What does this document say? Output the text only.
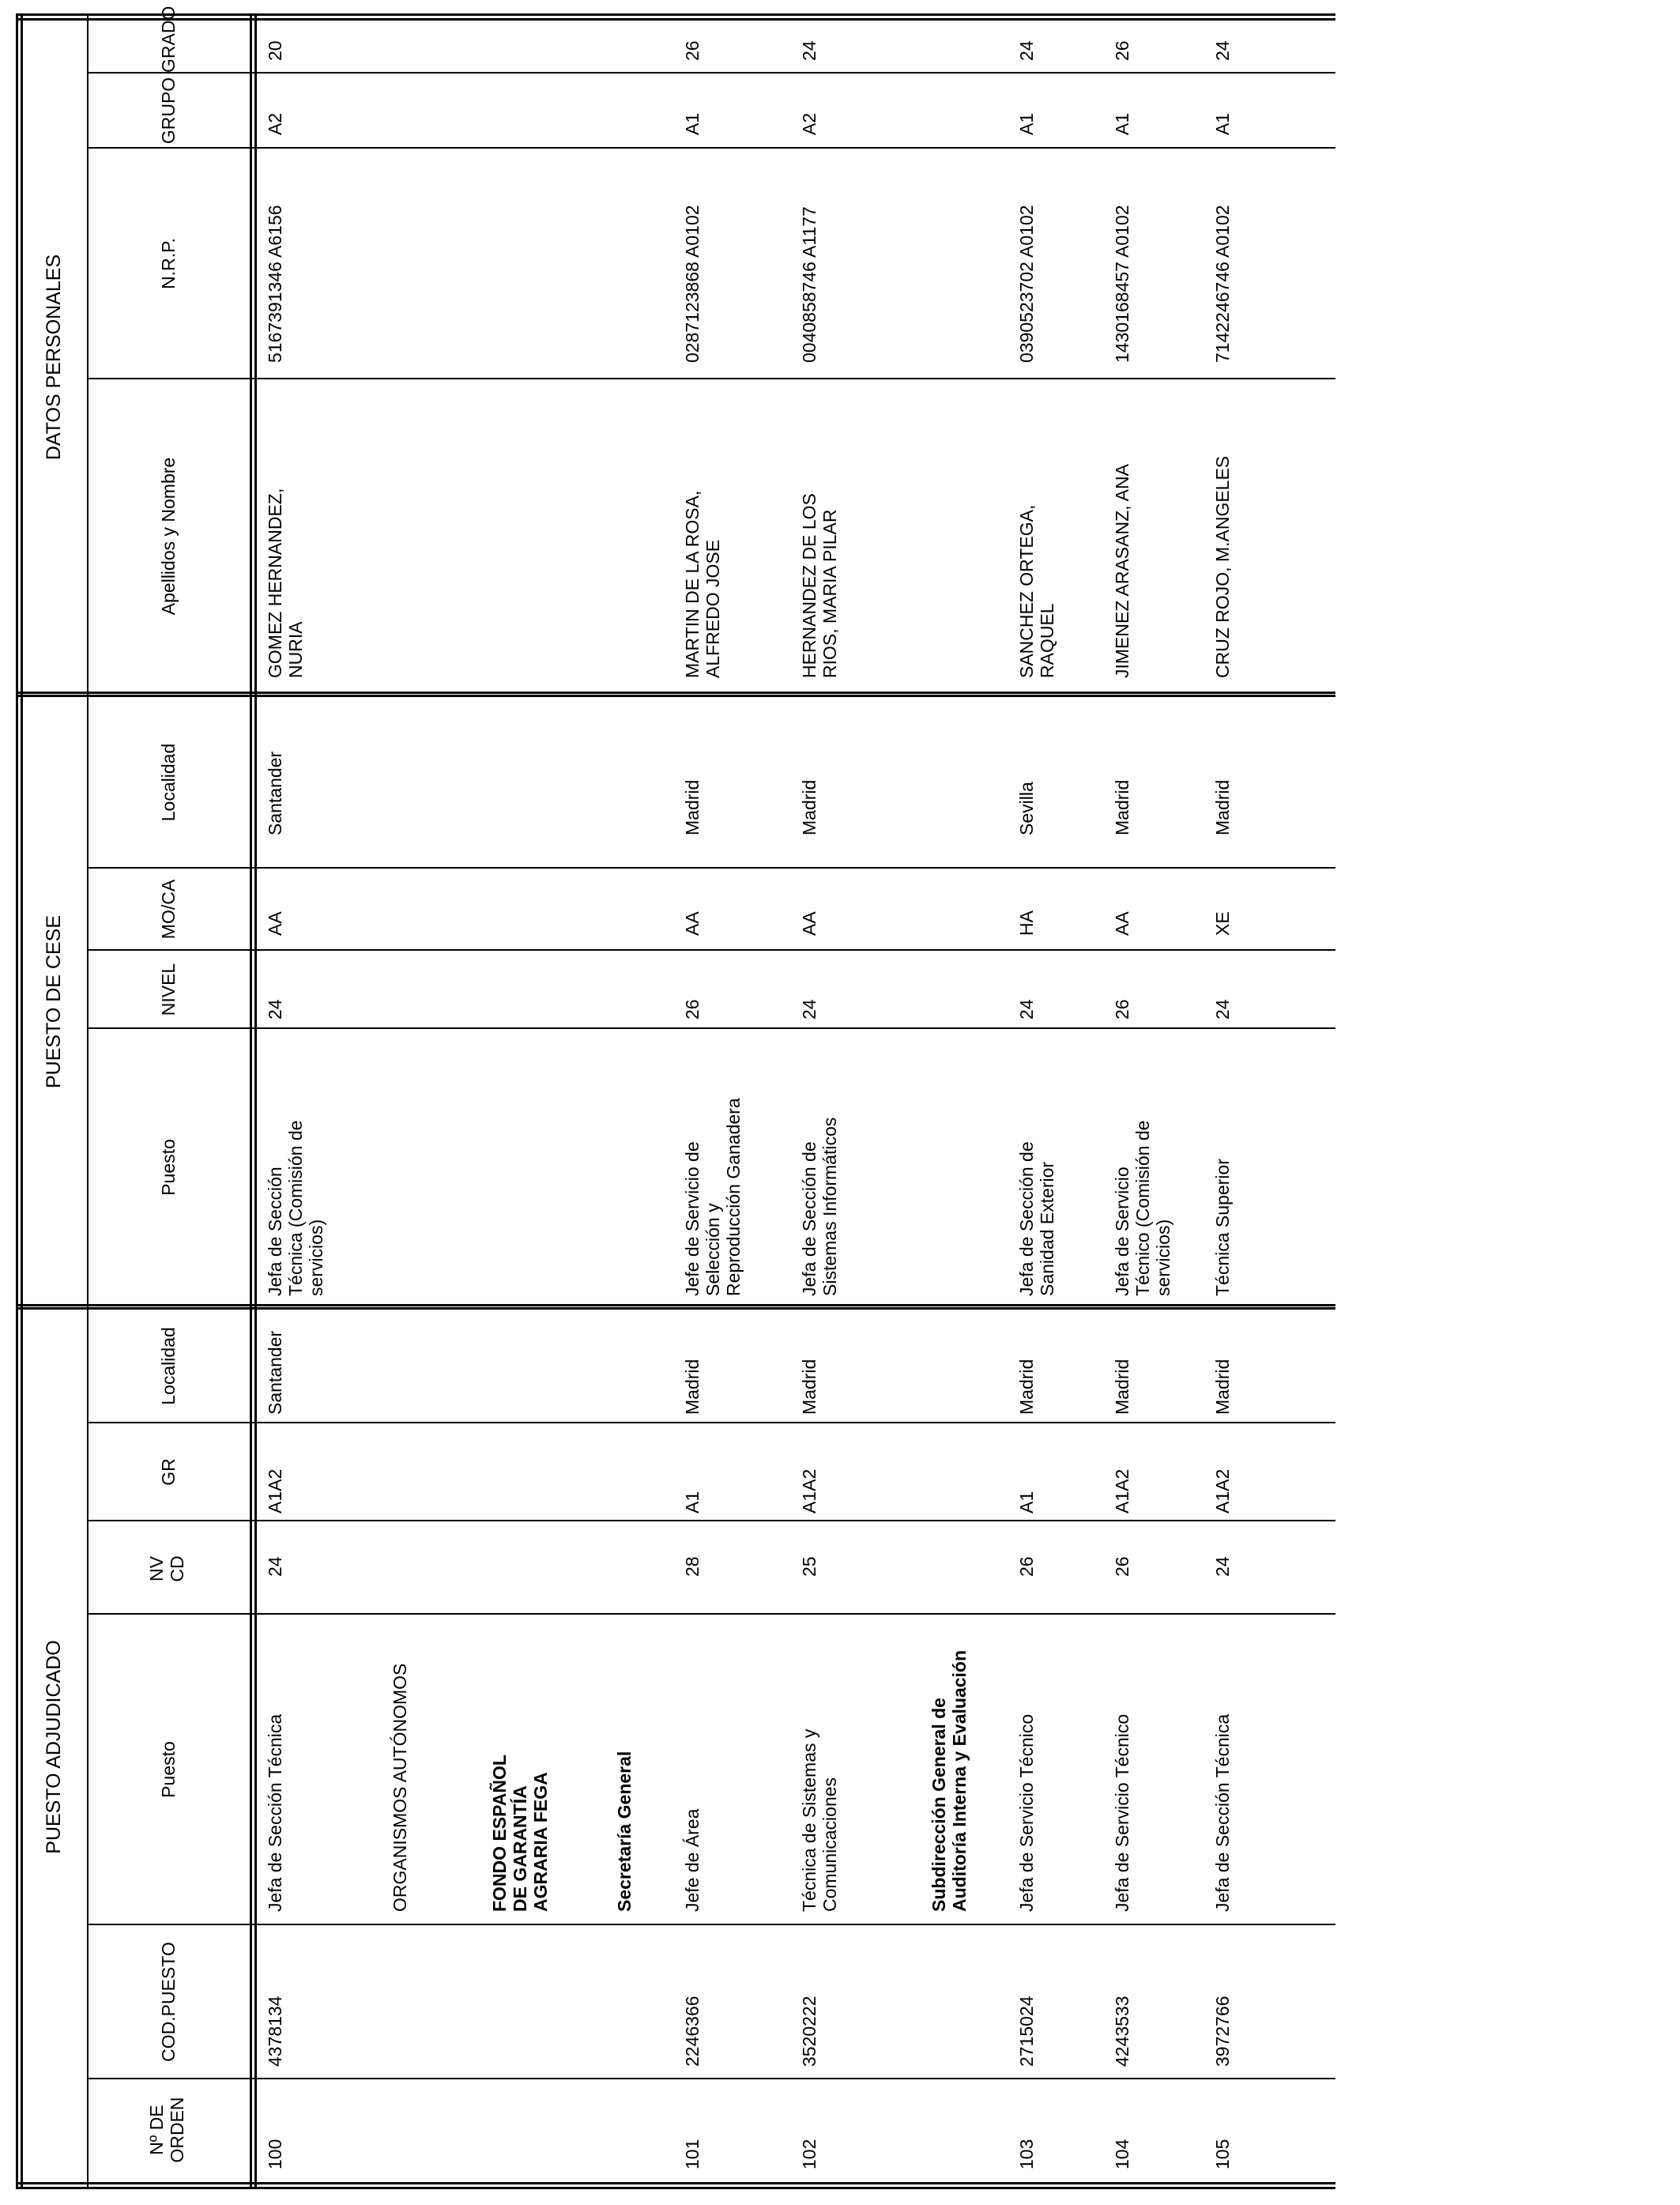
PUESTO ADJUDICADO
PUESTO DE CESE
DATOS PERSONALES
Nº DE ORDEN
COD.PUESTO
Puesto
NV CD
GR
Localidad
Puesto
NIVEL
MO/CA
Localidad
Apellidos y Nombre
N.R.P.
GRUPO
GRADO
100
4378134
Jefa de Sección Técnica
24
A1A2
Santander
Jefa de Sección Técnica (Comisión de servicios)
24
AA
Santander
GOMEZ HERNANDEZ, NURIA
5167391346 A6156
A2
20
ORGANISMOS AUTÓNOMOS	FONDO ESPAÑOL DE GARANTÍA AGRARIA FEGA	Secretaría General
101
2246366
Jefe de Área
28
A1
Madrid
Jefe de Servicio de Selección y Reproducción Ganadera
26
AA
Madrid
MARTIN DE LA ROSA, ALFREDO JOSE
0287123868 A0102
A1
26
102
3520222
Técnica de Sistemas y Comunicaciones
25
A1A2
Madrid
Jefa de Sección de Sistemas Informáticos
24
AA
Madrid
HERNANDEZ DE LOS RIOS, MARIA PILAR
0040858746 A1177
A2
24
Subdirección General de Auditoría Interna y Evaluación
103
2715024
Jefa de Servicio Técnico
26
A1
Madrid
Jefa de Sección de Sanidad Exterior
24
HA
Sevilla
SANCHEZ ORTEGA, RAQUEL
0390523702 A0102
A1
24
104
4243533
Jefa de Servicio Técnico
26
A1A2
Madrid
Jefa de Servicio Técnico (Comisión de servicios)
26
AA
Madrid
JIMENEZ ARASANZ, ANA
1430168457 A0102
A1
26
105
3972766
Jefa de Sección Técnica
24
A1A2
Madrid
Técnica Superior
24
XE
Madrid
CRUZ ROJO, M.ANGELES
7142246746 A0102
A1
24
